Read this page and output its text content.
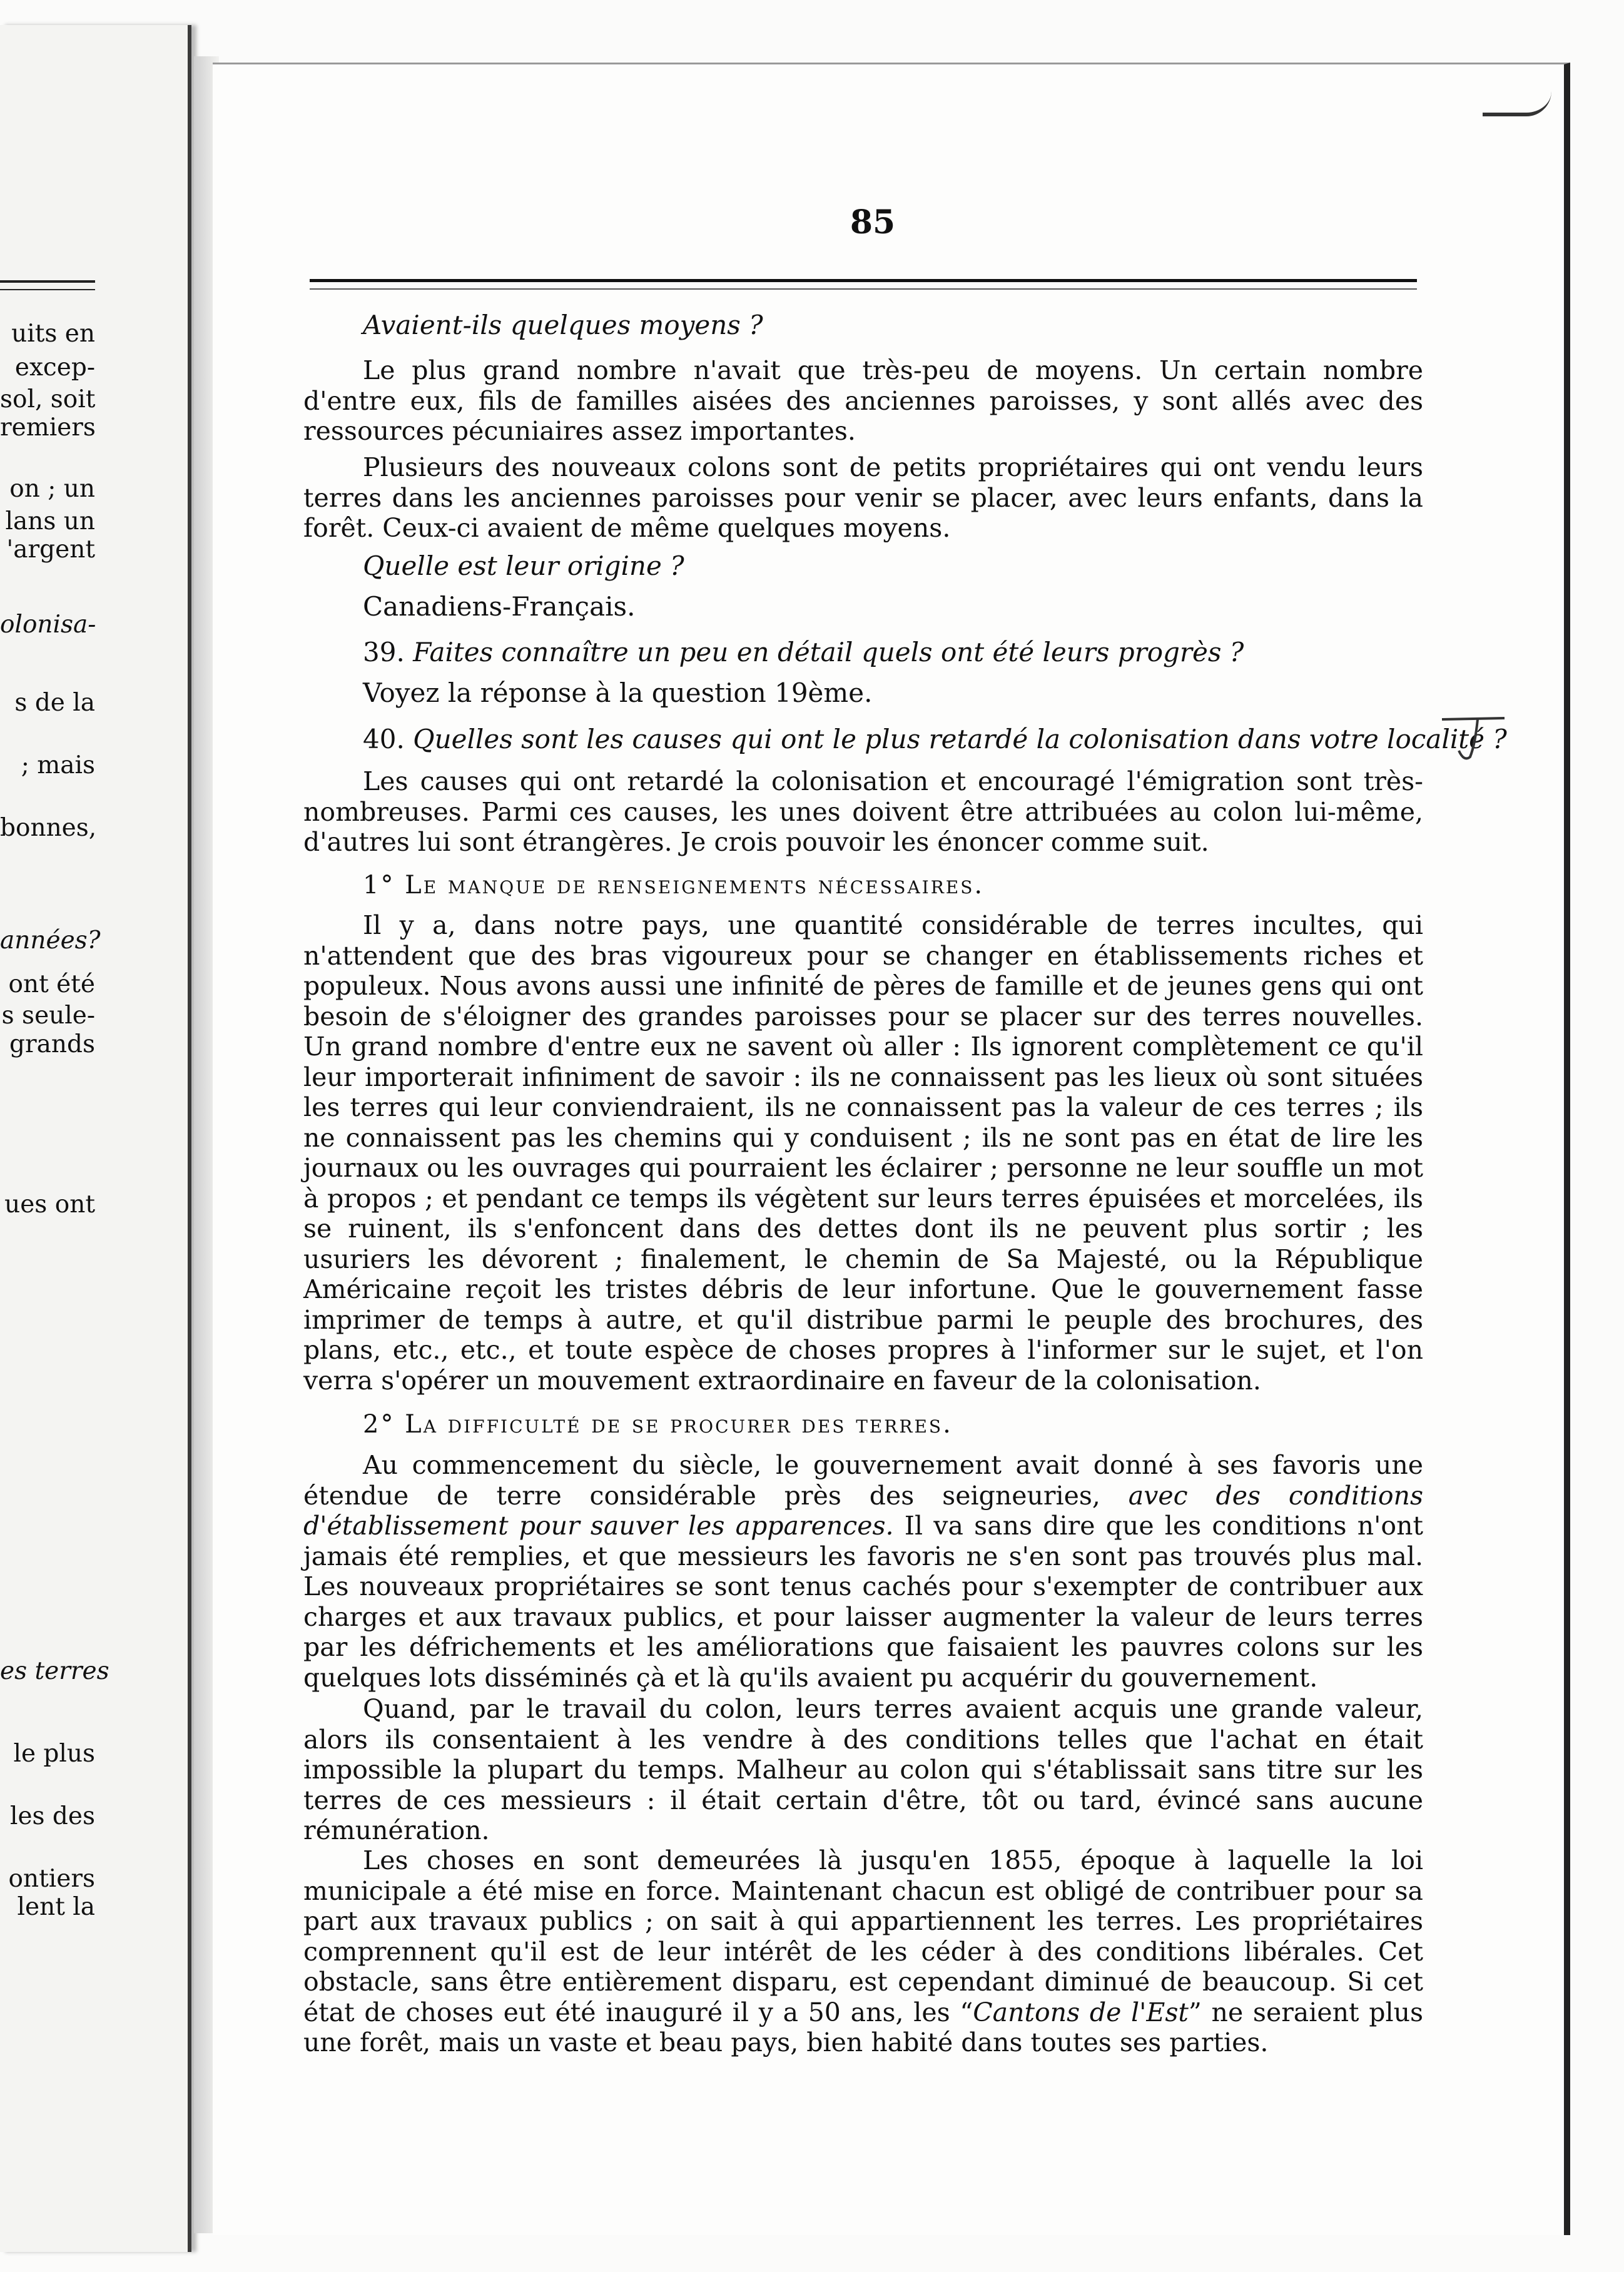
uits en
excep-
sol, soit
remiers
on ; un
lans un
'argent
olonisa-
s de la
; mais
bonnes,
années?
ont été
s seule-
grands
ues ont
es terres
le plus
les des
ontiers
lent la
85

Avaient-ils quelques moyens ?

Le plus grand nombre n'avait que très-peu de moyens. Un certain nombre d'entre eux, fils de familles aisées des anciennes paroisses, y sont allés avec des ressources pécuniaires assez importantes.

Plusieurs des nouveaux colons sont de petits propriétaires qui ont vendu leurs terres dans les anciennes paroisses pour venir se placer, avec leurs enfants, dans la forêt. Ceux-ci avaient de même quelques moyens.

Quelle est leur origine ?

Canadiens-Français.

39. Faites connaître un peu en détail quels ont été leurs progrès ?

Voyez la réponse à la question 19ème.

40. Quelles sont les causes qui ont le plus retardé la colonisation dans votre localité ?

Les causes qui ont retardé la colonisation et encouragé l'émigration sont très-nombreuses. Parmi ces causes, les unes doivent être attribuées au colon lui-même, d'autres lui sont étrangères. Je crois pouvoir les énoncer comme suit.

1° Le manque de renseignements nécessaires.

Il y a, dans notre pays, une quantité considérable de terres incultes, qui n'attendent que des bras vigoureux pour se changer en établissements riches et populeux. Nous avons aussi une infinité de pères de famille et de jeunes gens qui ont besoin de s'éloigner des grandes paroisses pour se placer sur des terres nouvelles. Un grand nombre d'entre eux ne savent où aller : Ils ignorent complètement ce qu'il leur importerait infiniment de savoir : ils ne connaissent pas les lieux où sont situées les terres qui leur conviendraient, ils ne connaissent pas la valeur de ces terres ; ils ne connaissent pas les chemins qui y conduisent ; ils ne sont pas en état de lire les journaux ou les ouvrages qui pourraient les éclairer ; personne ne leur souffle un mot à propos ; et pendant ce temps ils végètent sur leurs terres épuisées et morcelées, ils se ruinent, ils s'enfoncent dans des dettes dont ils ne peuvent plus sortir ; les usuriers les dévorent ; finalement, le chemin de Sa Majesté, ou la République Américaine reçoit les tristes débris de leur infortune. Que le gouvernement fasse imprimer de temps à autre, et qu'il distribue parmi le peuple des brochures, des plans, etc., etc., et toute espèce de choses propres à l'informer sur le sujet, et l'on verra s'opérer un mouvement extraordinaire en faveur de la colonisation.

2° La difficulté de se procurer des terres.

Au commencement du siècle, le gouvernement avait donné à ses favoris une étendue de terre considérable près des seigneuries, avec des conditions d'établissement pour sauver les apparences. Il va sans dire que les conditions n'ont jamais été remplies, et que messieurs les favoris ne s'en sont pas trouvés plus mal. Les nouveaux propriétaires se sont tenus cachés pour s'exempter de contribuer aux charges et aux travaux publics, et pour laisser augmenter la valeur de leurs terres par les défrichements et les améliorations que faisaient les pauvres colons sur les quelques lots disséminés çà et là qu'ils avaient pu acquérir du gouvernement.

Quand, par le travail du colon, leurs terres avaient acquis une grande valeur, alors ils consentaient à les vendre à des conditions telles que l'achat en était impossible la plupart du temps. Malheur au colon qui s'établissait sans titre sur les terres de ces messieurs : il était certain d'être, tôt ou tard, évincé sans aucune rémunération.

Les choses en sont demeurées là jusqu'en 1855, époque à laquelle la loi municipale a été mise en force. Maintenant chacun est obligé de contribuer pour sa part aux travaux publics ; on sait à qui appartiennent les terres. Les propriétaires comprennent qu'il est de leur intérêt de les céder à des conditions libérales. Cet obstacle, sans être entièrement disparu, est cependant diminué de beaucoup. Si cet état de choses eut été inauguré il y a 50 ans, les “Cantons de l'Est” ne seraient plus une forêt, mais un vaste et beau pays, bien habité dans toutes ses parties.
